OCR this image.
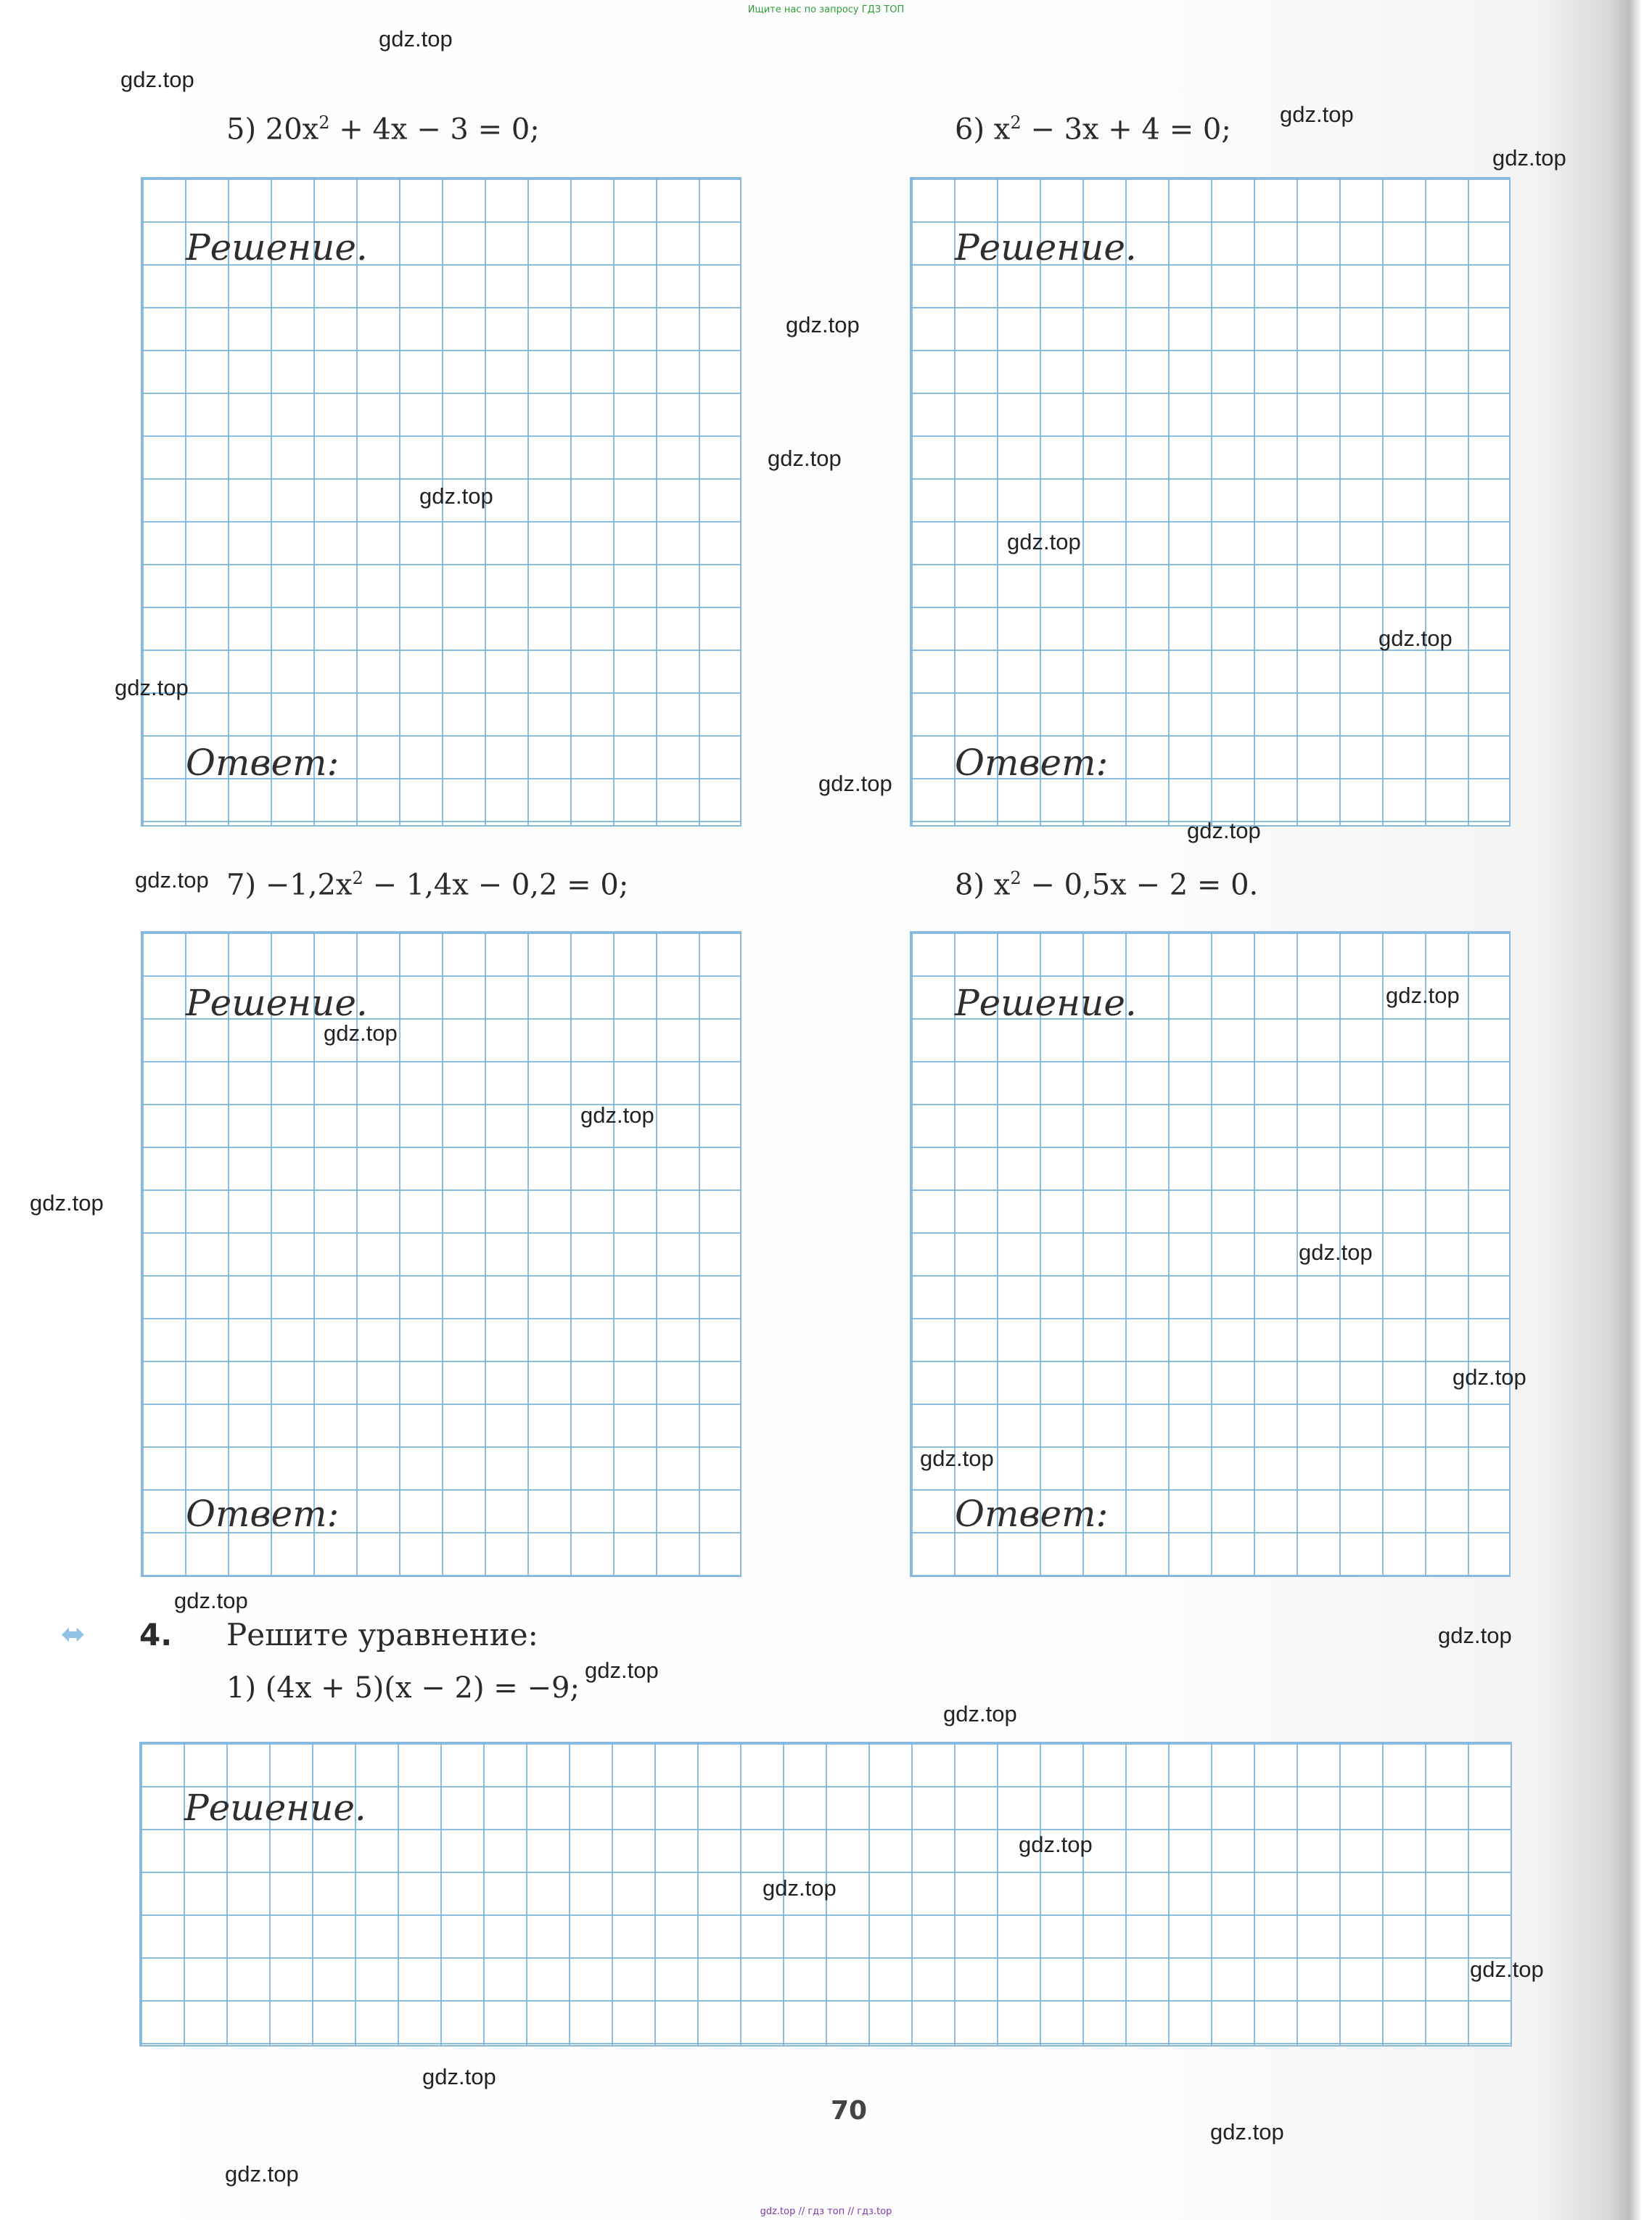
Ищите нас по запросу ГДЗ ТОП
5) $20x^2 + 4x - 3 = 0$;
Решение.
Ответ:
6) $x^2 - 3x + 4 = 0$;
Решение.
Ответ:
$7) -1,2x^2 - 1,4x - 0,2 = 0$;
Решение.
Ответ:
8) $x^2 - 0,5x - 2 = 0$.
Решение.
Ответ:
⬌ 4. Решите уравнение:
1) (4x + 5)(x − 2) = −9;
Решение.
70
gdz.top
gdz.top
gdz.top
gdz.top
gdz.top
gdz.top
gdz.top
gdz.top
gdz.top
gdz.top
gdz.top
gdz.top
gdz.top
gdz.top
gdz.top
gdz.top
gdz.top
gdz.top
gdz.top
gdz.top
gdz.top
gdz.top
gdz.top
gdz.top
gdz.top
gdz.top
gdz.top
gdz.top
gdz.top
gdz.top
gdz.top // гдз топ // гдз.top
